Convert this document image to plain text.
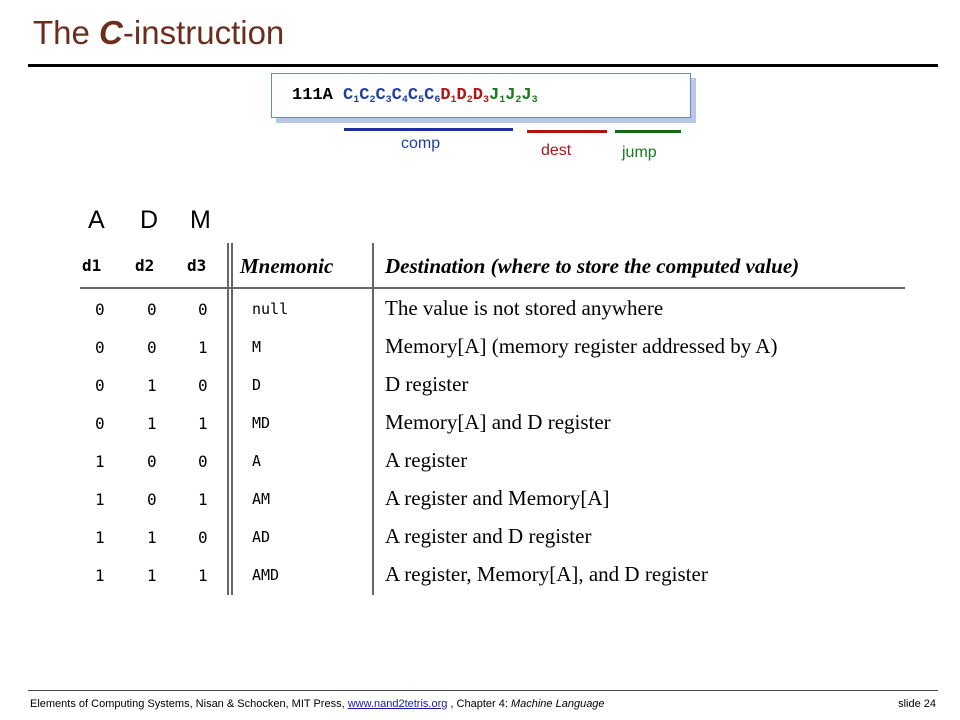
The C-instruction
111A $C_1$ $C_2$ $C_3$ $C_4$ $C_5$ $C_6$ $D_1$ $D_2$ $D_3$ $J_1$ $J_2$ $J_3$
comp	dest	jump
A D M
d1 d2 d3 Mnemonic Destination (where to store the computed value)
0	0	0	null	The value is not stored anywhere
0	0	1	M	Memory[A] (memory register addressed by A)
0	1	0	D	D register
0	1	1	MD	Memory[A] and D register
1	0	0	A	A register
1	0	1	AM	A register and Memory[A]
1	1	0	AD	A register and D register
1	1	1	AMD	A register, Memory[A], and D register
Elements of Computing Systems, Nisan & Schocken, MIT Press, www.nand2tetris.org , Chapter 4: Machine Language	slide 24
